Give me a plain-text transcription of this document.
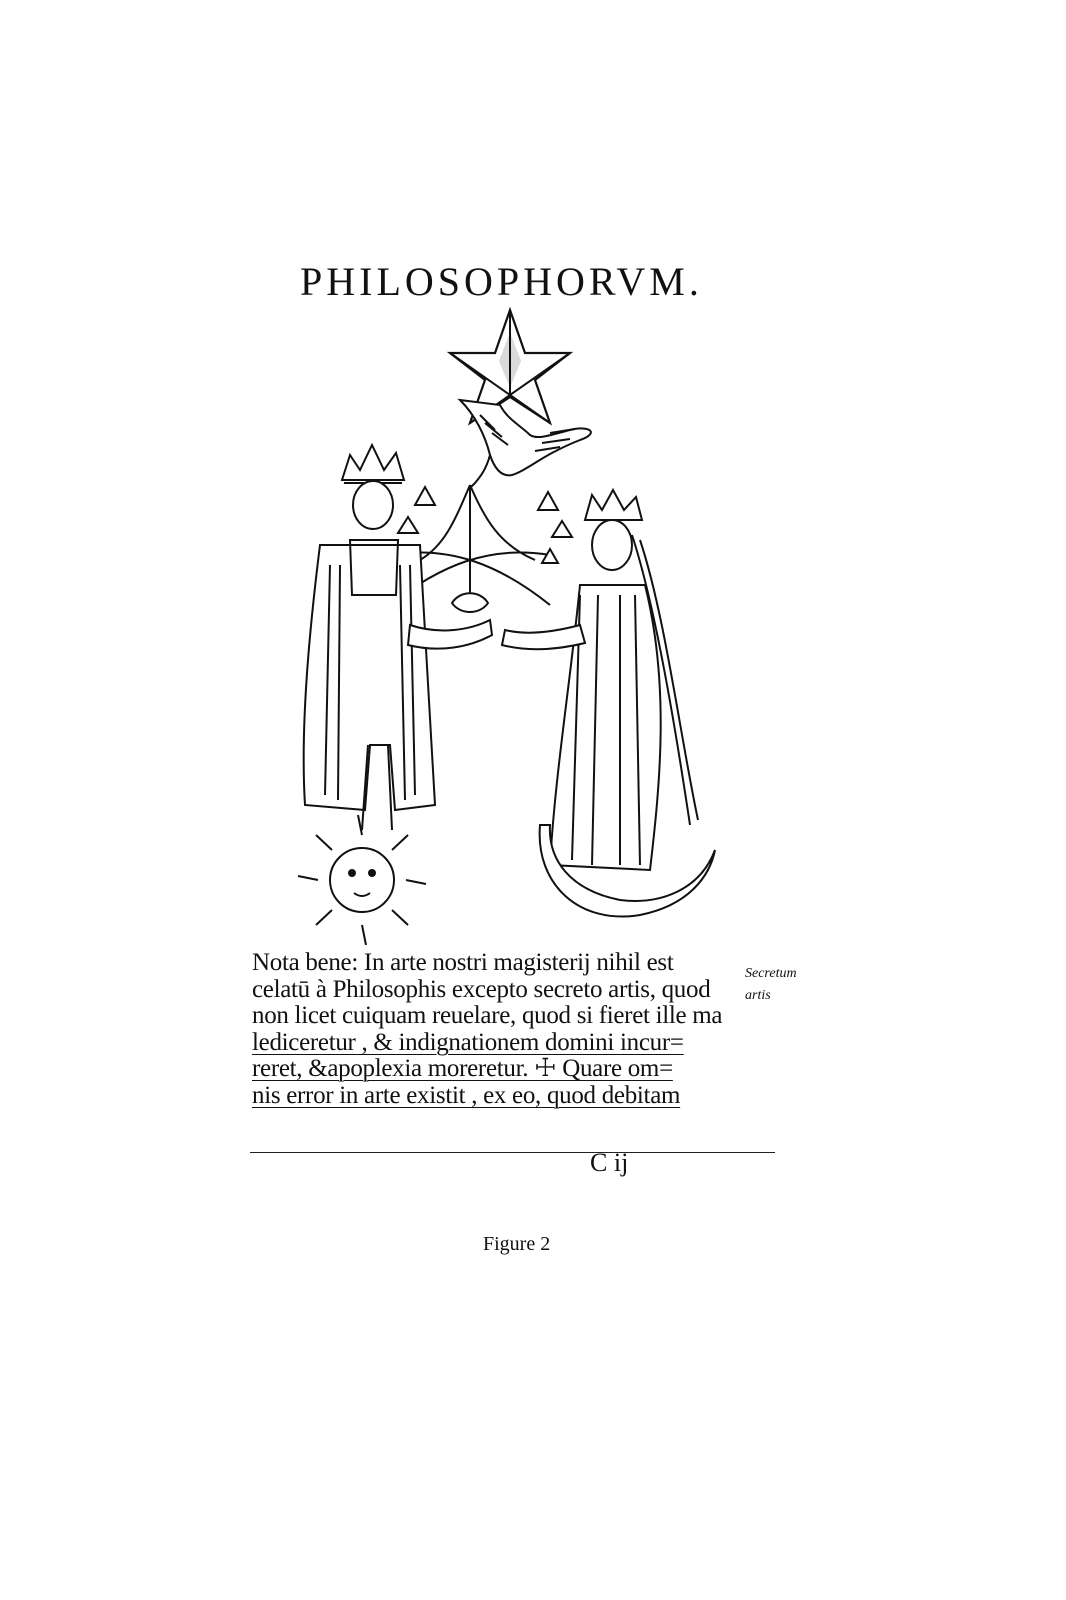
PHILOSOPHORVM.
Nota bene: In arte nostri magisterij nihil est
celatū à Philosophis excepto secreto artis, quod
non licet cuiquam reuelare, quod si fieret ille ma
lediceretur , & indignationem domini incur=
reret, &apoplexia moreretur. ☩ Quare om=
nis error in arte existit , ex eo, quod debitam
Secretum
artis
C ij
Figure 2
